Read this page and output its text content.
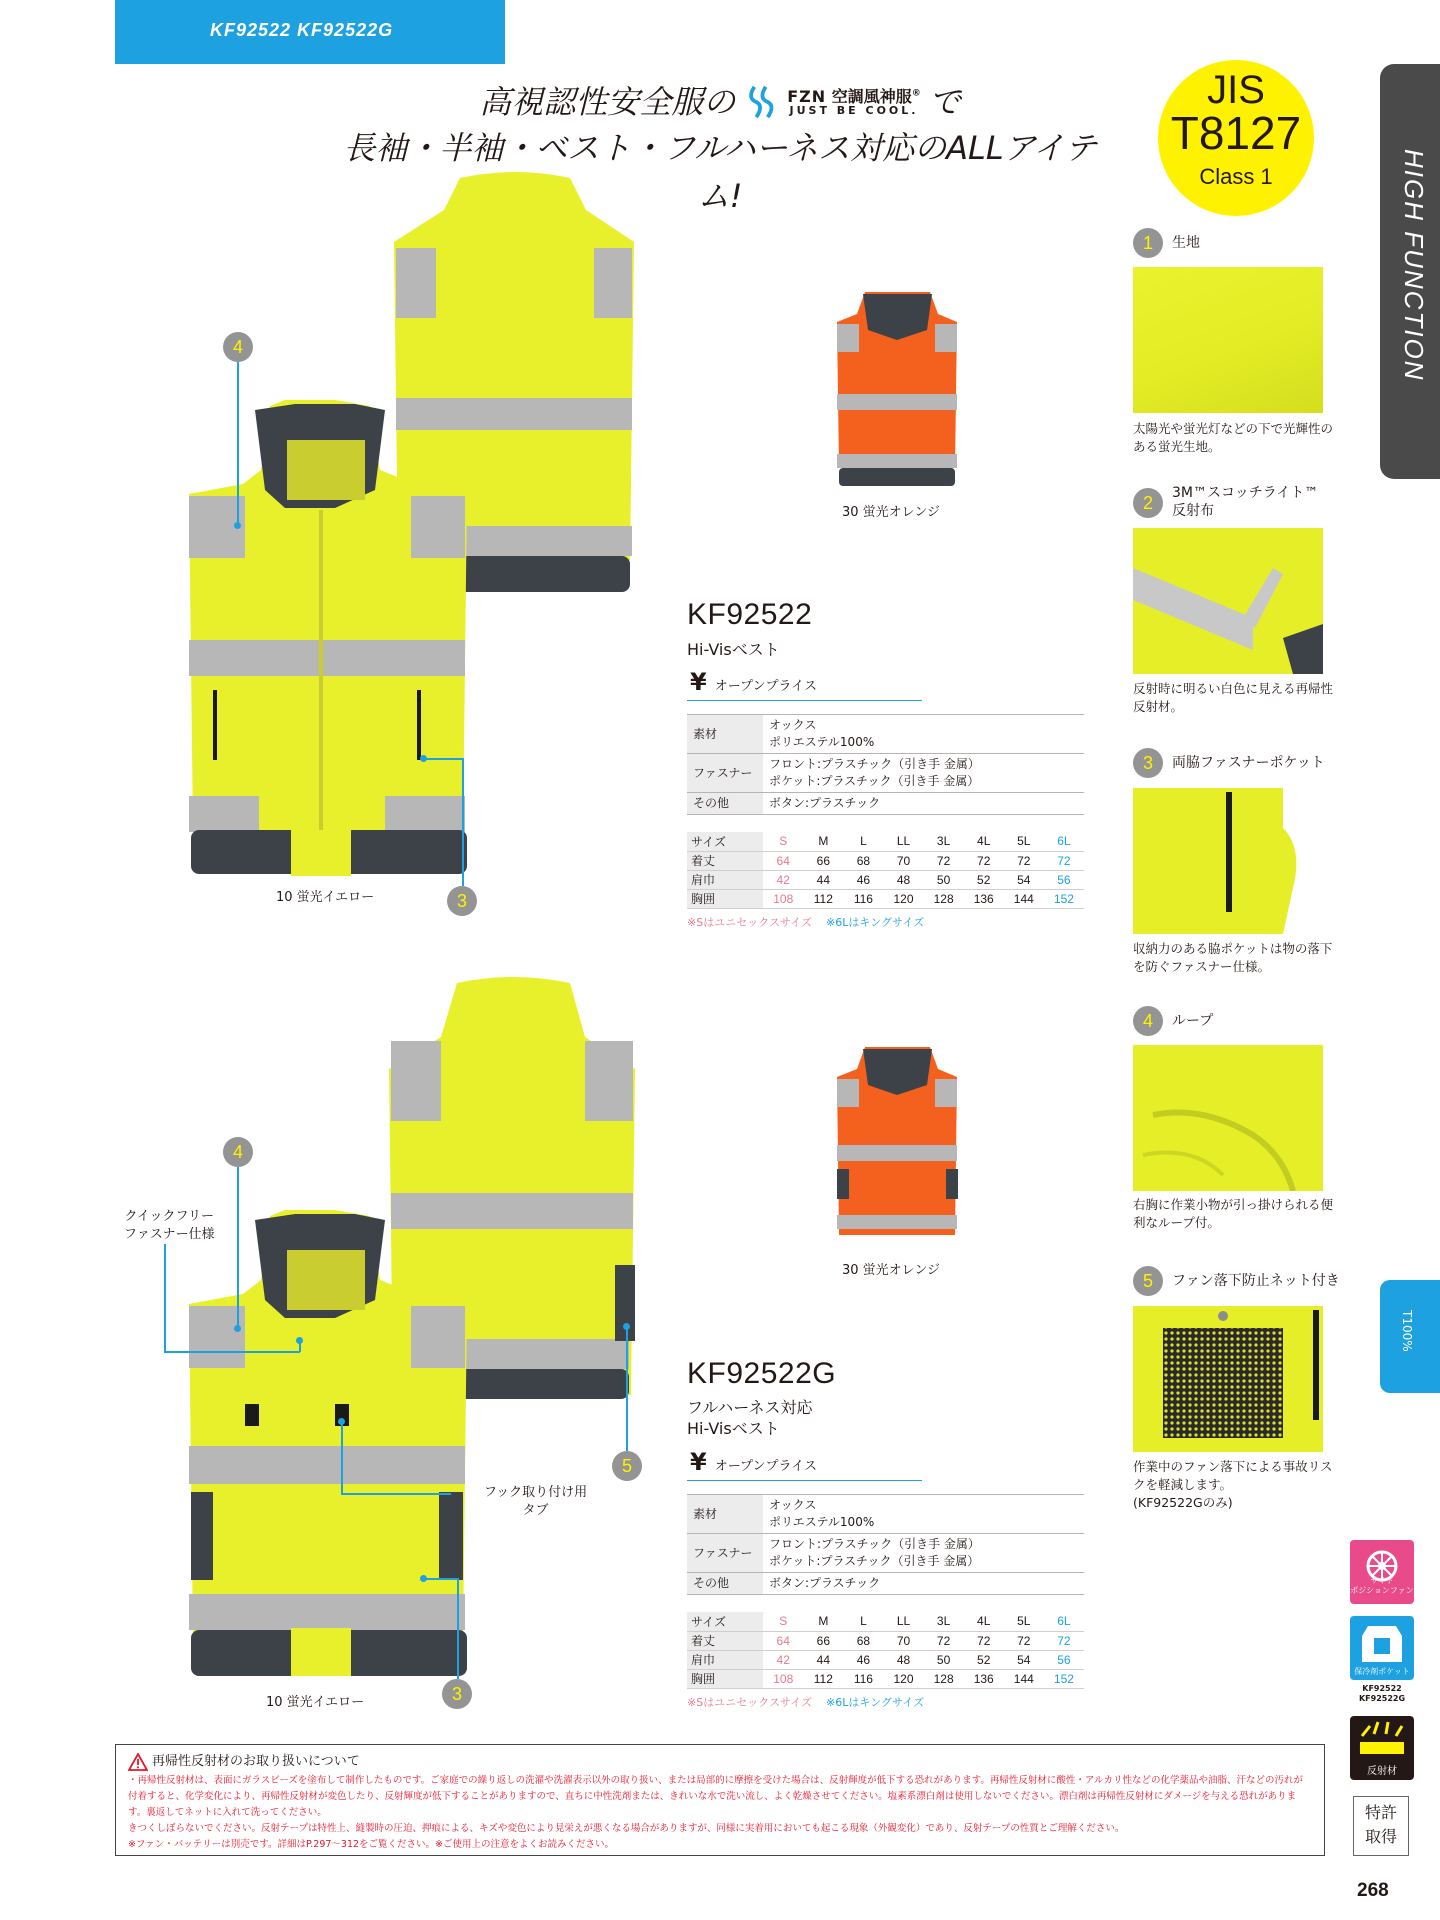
KF92522 KF92522G
高視認性安全服の	FZN 空調風神服®
JUST BE COOL. で
長袖・半袖・ベスト・フルハーネス対応のALLアイテム!
JIS
T8127
Class 1	HIGH FUNCTION
T100%
30 蛍光オレンジ
10 蛍光イエロー
4
3
KF92522
Hi-Visベスト
¥ オープンプライス
素材	オックス
ポリエステル100%

ファスナー	フロント:プラスチック（引き手 金属）
ポケット:プラスチック（引き手 金属）

その他	ボタン:プラスチック
サイズ	S	M	L	LL	3L	4L	5L	6L
着丈	64	66	68	70	72	72	72	72
肩巾	42	44	46	48	50	52	54	56
胸囲	108	112	116	120	128	136	144	152
※Sはユニセックスサイズ ※6Lはキングサイズ
30 蛍光オレンジ
10 蛍光イエロー
4
クイックフリー
ファスナー仕様
フック取り付け用
タブ
5
3
KF92522G
フルハーネス対応
Hi-Visベスト
¥ オープンプライス
素材	オックス
ポリエステル100%

ファスナー	フロント:プラスチック（引き手 金属）
ポケット:プラスチック（引き手 金属）

その他	ボタン:プラスチック
サイズ	S	M	L	LL	3L	4L	5L	6L
着丈	64	66	68	70	72	72	72	72
肩巾	42	44	46	48	50	52	54	56
胸囲	108	112	116	120	128	136	144	152
※Sはユニセックスサイズ ※6Lはキングサイズ
1	生地
太陽光や蛍光灯などの下で光輝性のある蛍光生地。
2	3M™スコッチライト™
反射布
反射時に明るい白色に見える再帰性反射材。
3	両脇ファスナーポケット
収納力のある脇ポケットは物の落下を防ぐファスナー仕様。
4	ループ
右胸に作業小物が引っ掛けられる便利なループ付。
5	ファン落下防止ネット付き
作業中のファン落下による事故リスクを軽減します。
(KF92522Gのみ)
サイド
ポジションファン
保冷剤ポケット
KF92522
KF92522G
反射材
特許
取得
再帰性反射材のお取り扱いについて
・再帰性反射材は、表面にガラスビーズを塗布して制作したものです。ご家庭での繰り返しの洗濯や洗濯表示以外の取り扱い、または局部的に摩擦を受けた場合は、反射輝度が低下する恐れがあります。再帰性反射材に酸性・アルカリ性などの化学薬品や油脂、汗などの汚れが付着すると、化学変化により、再帰性反射材が変色したり、反射輝度が低下することがありますので、直ちに中性洗剤または、きれいな水で洗い流し、よく乾燥させてください。塩素系漂白剤は使用しないでください。漂白剤は再帰性反射材にダメージを与える恐れがあります。裏返してネットに入れて洗ってください。
きつくしぼらないでください。反射テープは特性上、縫製時の圧迫、押痕による、キズや変色により見栄えが悪くなる場合がありますが、同様に実着用においても起こる現象（外観変化）であり、反射テープの性質とご理解ください。
※ファン・バッテリーは別売です。詳細はP.297〜312をご覧ください。※ご使用上の注意をよくお読みください。
268
